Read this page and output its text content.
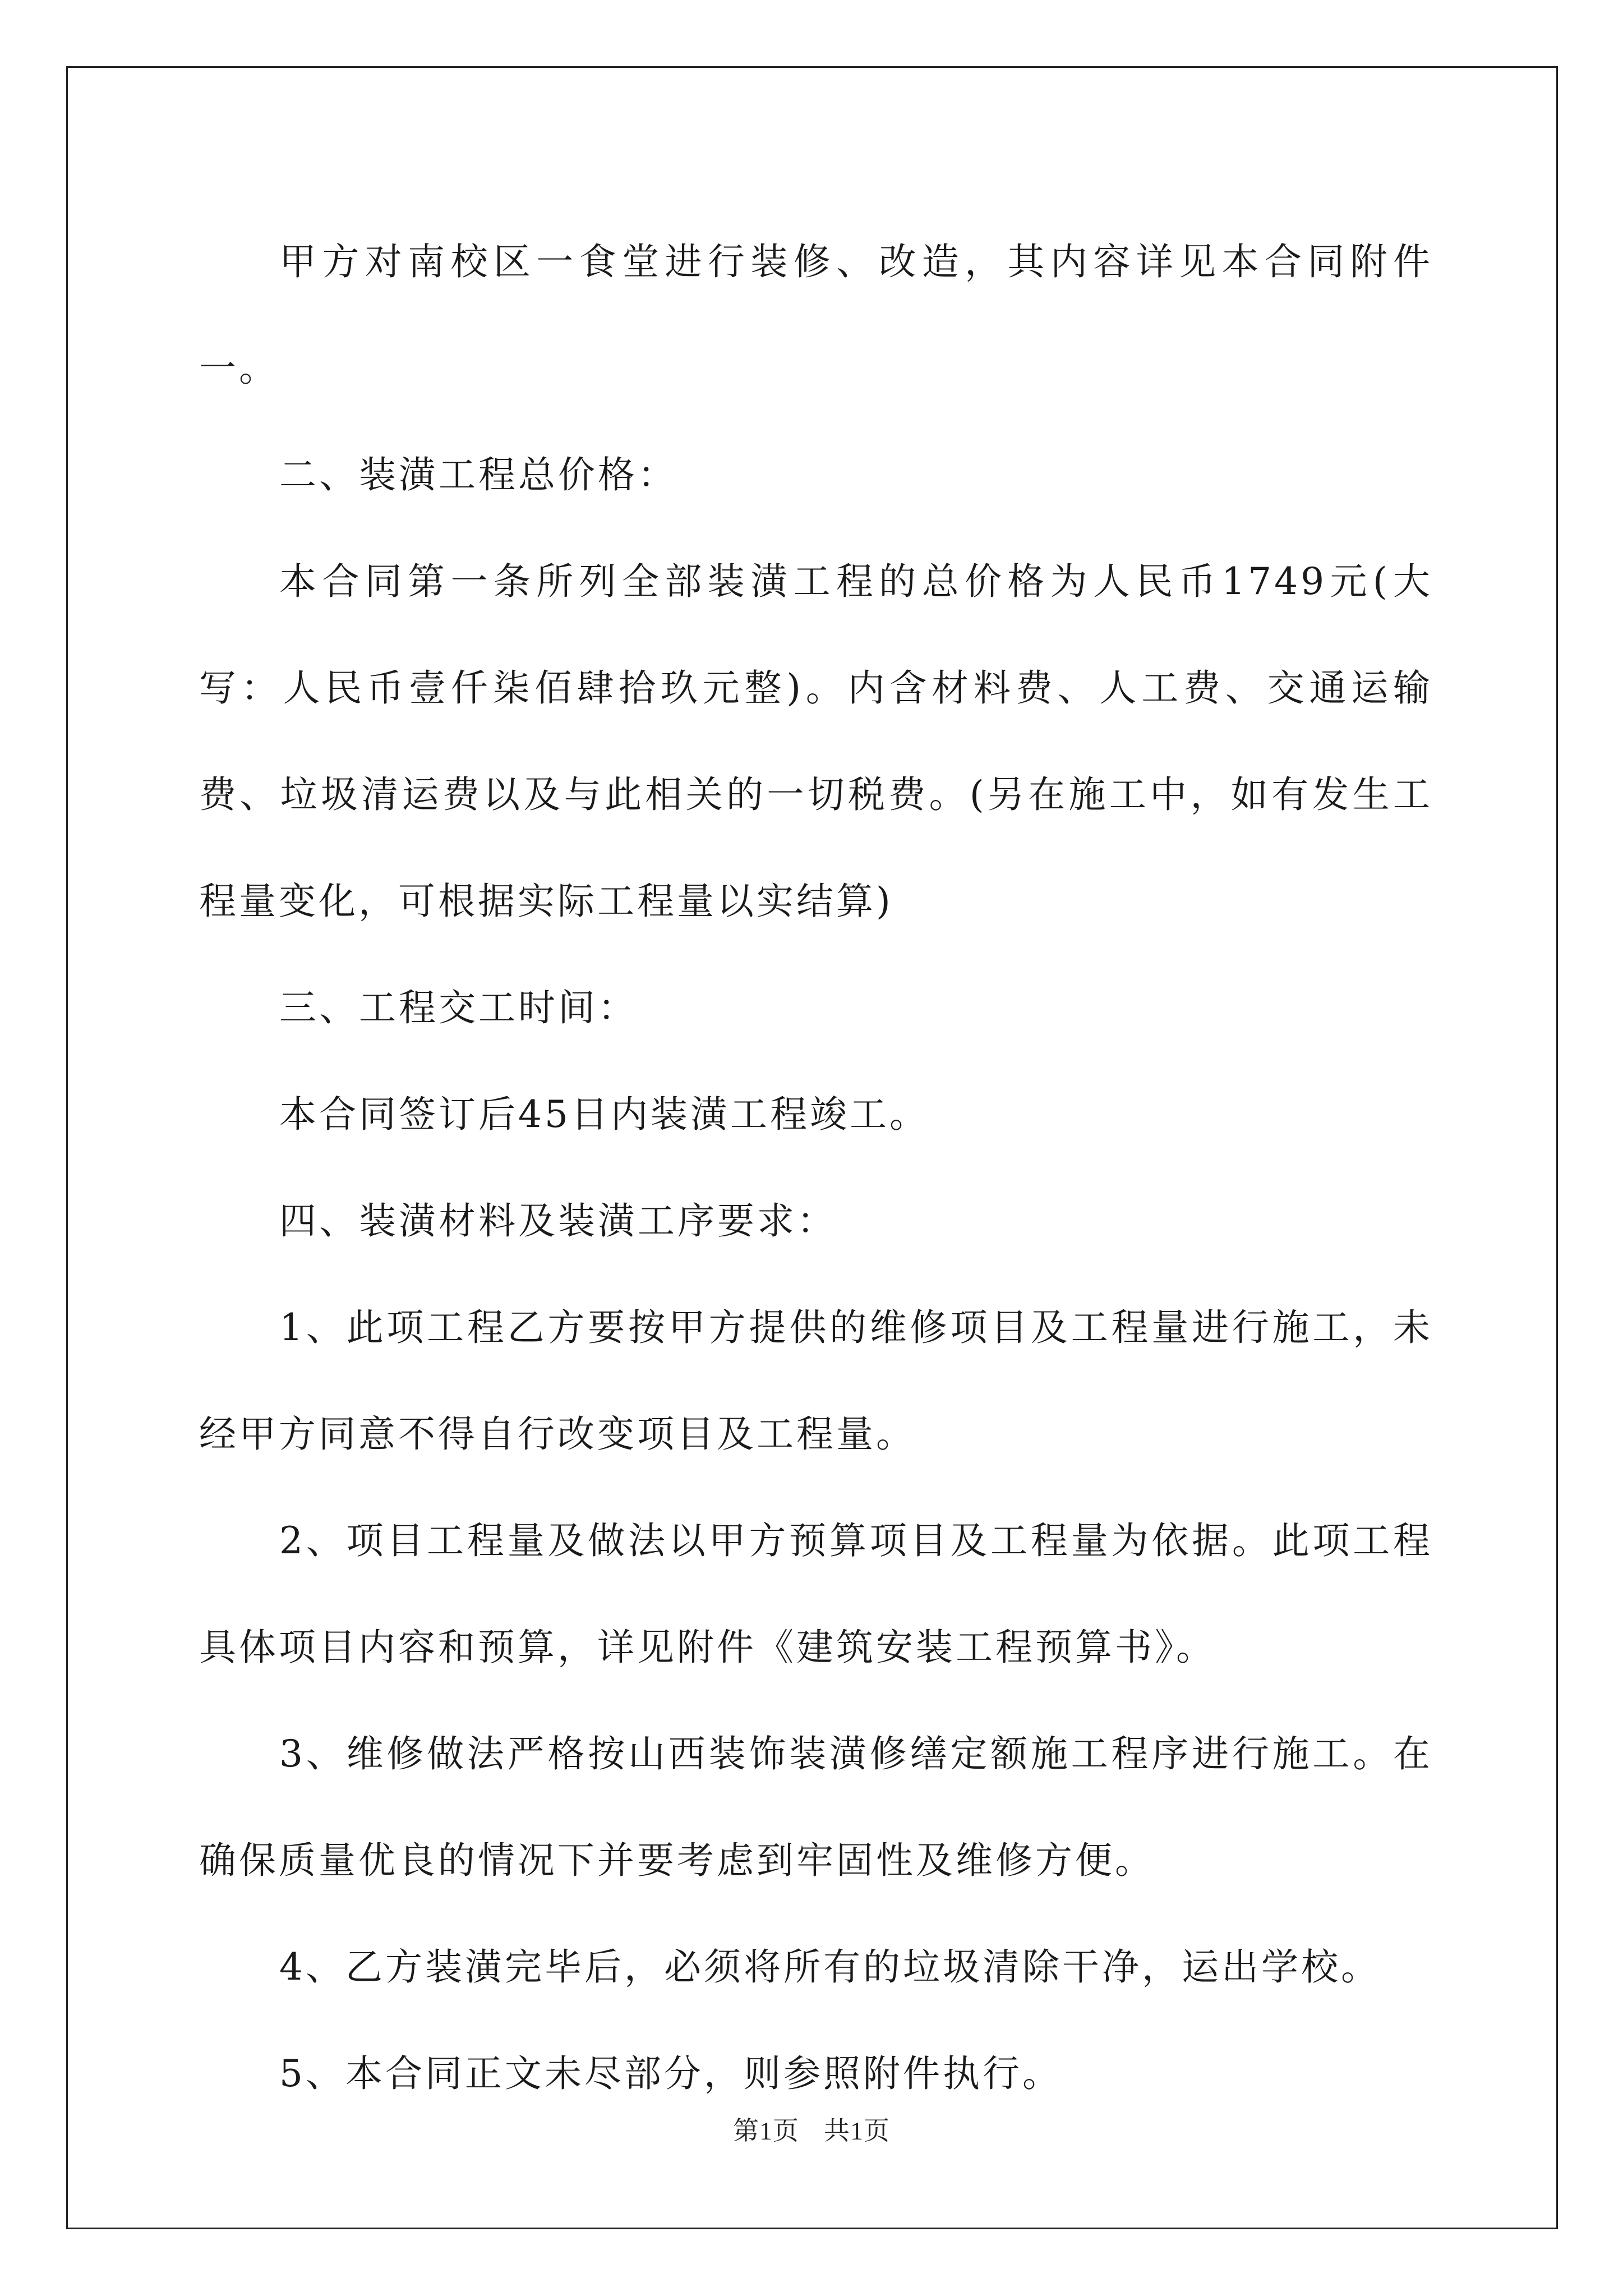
甲方对南校区一食堂进行装修、改造，其内容详见本合同附件一。

二、装潢工程总价格：

本合同第一条所列全部装潢工程的总价格为人民币1749元(大写：人民币壹仟柒佰肆拾玖元整)。内含材料费、人工费、交通运输费、垃圾清运费以及与此相关的一切税费。(另在施工中，如有发生工程量变化，可根据实际工程量以实结算)

三、工程交工时间：

本合同签订后45日内装潢工程竣工。

四、装潢材料及装潢工序要求：

1、此项工程乙方要按甲方提供的维修项目及工程量进行施工，未经甲方同意不得自行改变项目及工程量。

2、项目工程量及做法以甲方预算项目及工程量为依据。此项工程具体项目内容和预算，详见附件《建筑安装工程预算书》。

3、维修做法严格按山西装饰装潢修缮定额施工程序进行施工。在确保质量优良的情况下并要考虑到牢固性及维修方便。

4、乙方装潢完毕后，必须将所有的垃圾清除干净，运出学校。

5、本合同正文未尽部分，则参照附件执行。

第1页 共1页
